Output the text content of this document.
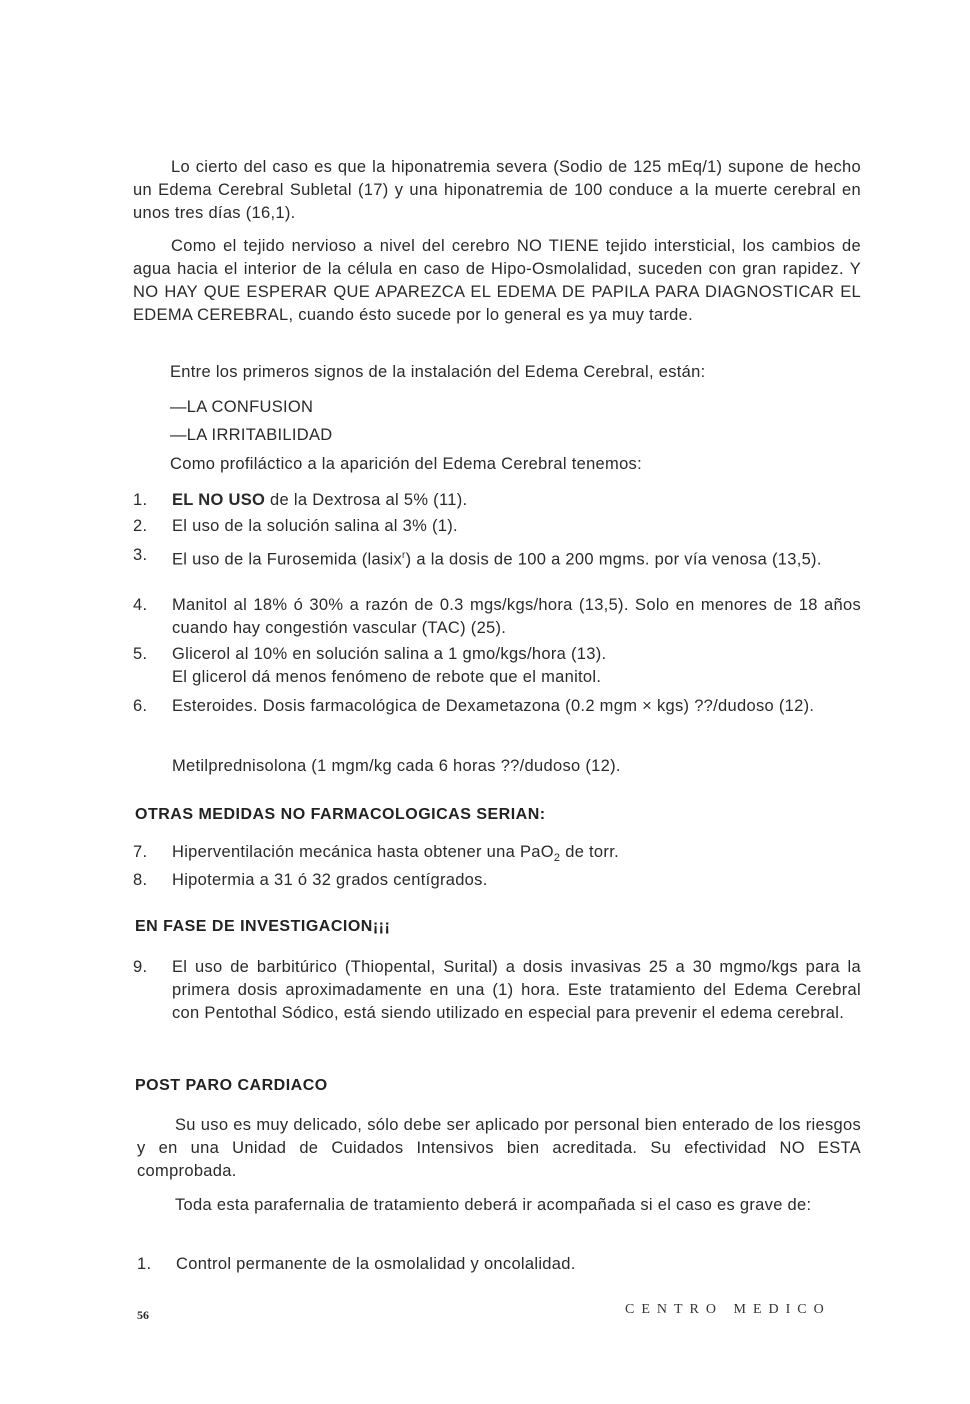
Lo cierto del caso es que la hiponatremia severa (Sodio de 125 mEq/1) supone de hecho un Edema Cerebral Subletal (17) y una hiponatremia de 100 conduce a la muerte cerebral en unos tres días (16,1).

Como el tejido nervioso a nivel del cerebro NO TIENE tejido intersticial, los cambios de agua hacia el interior de la célula en caso de Hipo-Osmolalidad, suceden con gran rapidez. Y NO HAY QUE ESPERAR QUE APAREZCA EL EDEMA DE PAPILA PARA DIAGNOSTICAR EL EDEMA CEREBRAL, cuando ésto sucede por lo general es ya muy tarde.

Entre los primeros signos de la instalación del Edema Cerebral, están:

—LA CONFUSION

—LA IRRITABILIDAD

Como profiláctico a la aparición del Edema Cerebral tenemos:

1.	EL NO USO de la Dextrosa al 5% (11).
2.	El uso de la solución salina al 3% (1).
3.	El uso de la Furosemida (lasix$^r$) a la dosis de 100 a 200 mgms. por vía venosa (13,5).
4.	Manitol al 18% ó 30% a razón de 0.3 mgs/kgs/hora (13,5). Solo en menores de 18 años cuando hay congestión vascular (TAC) (25).
5.	Glicerol al 10% en solución salina a 1 gmo/kgs/hora (13).
El glicerol dá menos fenómeno de rebote que el manitol.
6.	Esteroides. Dosis farmacológica de Dexametazona (0.2 mgm × kgs) ??/dudoso (12).

Metilprednisolona (1 mgm/kg cada 6 horas ??/dudoso (12).

OTRAS MEDIDAS NO FARMACOLOGICAS SERIAN:
7.	Hiperventilación mecánica hasta obtener una PaO$_2$ de torr.
8.	Hipotermia a 31 ó 32 grados centígrados.
EN FASE DE INVESTIGACION¡¡¡
9.	El uso de barbitúrico (Thiopental, Surital) a dosis invasivas 25 a 30 mgmo/kgs para la primera dosis aproximadamente en una (1) hora. Este tratamiento del Edema Cerebral con Pentothal Sódico, está siendo utilizado en especial para prevenir el edema cerebral.
POST PARO CARDIACO

Su uso es muy delicado, sólo debe ser aplicado por personal bien enterado de los riesgos y en una Unidad de Cuidados Intensivos bien acreditada. Su efectividad NO ESTA comprobada.

Toda esta parafernalia de tratamiento deberá ir acompañada si el caso es grave de:

1.	Control permanente de la osmolalidad y oncolalidad.
56	CENTRO MEDICO
